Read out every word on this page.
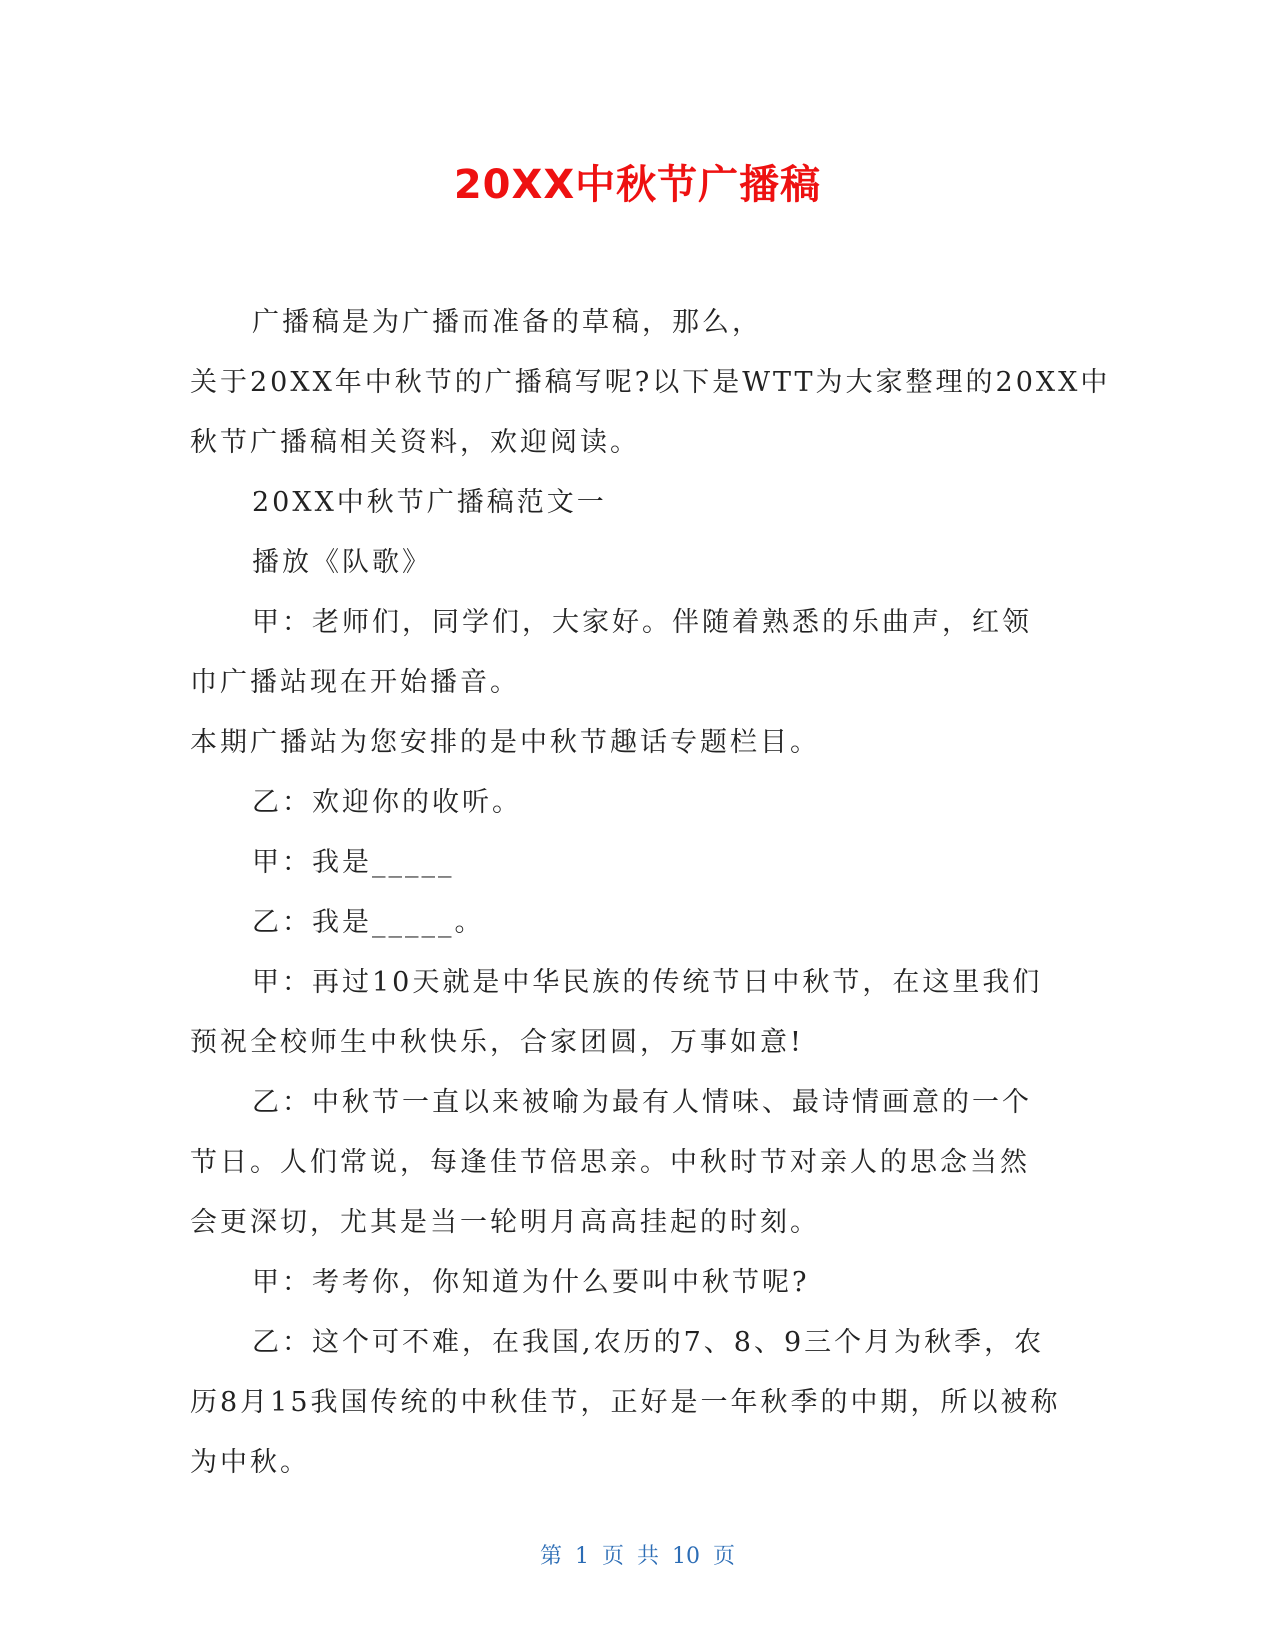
20XX中秋节广播稿
广播稿是为广播而准备的草稿，那么，
关于20XX年中秋节的广播稿写呢?以下是WTT为大家整理的20XX中
秋节广播稿相关资料，欢迎阅读。
20XX中秋节广播稿范文一
播放《队歌》
甲：老师们，同学们，大家好。伴随着熟悉的乐曲声，红领
巾广播站现在开始播音。
本期广播站为您安排的是中秋节趣话专题栏目。
乙：欢迎你的收听。
甲：我是_____
乙：我是_____。
甲：再过10天就是中华民族的传统节日中秋节，在这里我们
预祝全校师生中秋快乐，合家团圆，万事如意!
乙：中秋节一直以来被喻为最有人情味、最诗情画意的一个
节日。人们常说，每逢佳节倍思亲。中秋时节对亲人的思念当然
会更深切，尤其是当一轮明月高高挂起的时刻。
甲：考考你，你知道为什么要叫中秋节呢?
乙：这个可不难，在我国,农历的7、8、9三个月为秋季，农
历8月15我国传统的中秋佳节，正好是一年秋季的中期，所以被称
为中秋。
第 1 页 共 10 页
